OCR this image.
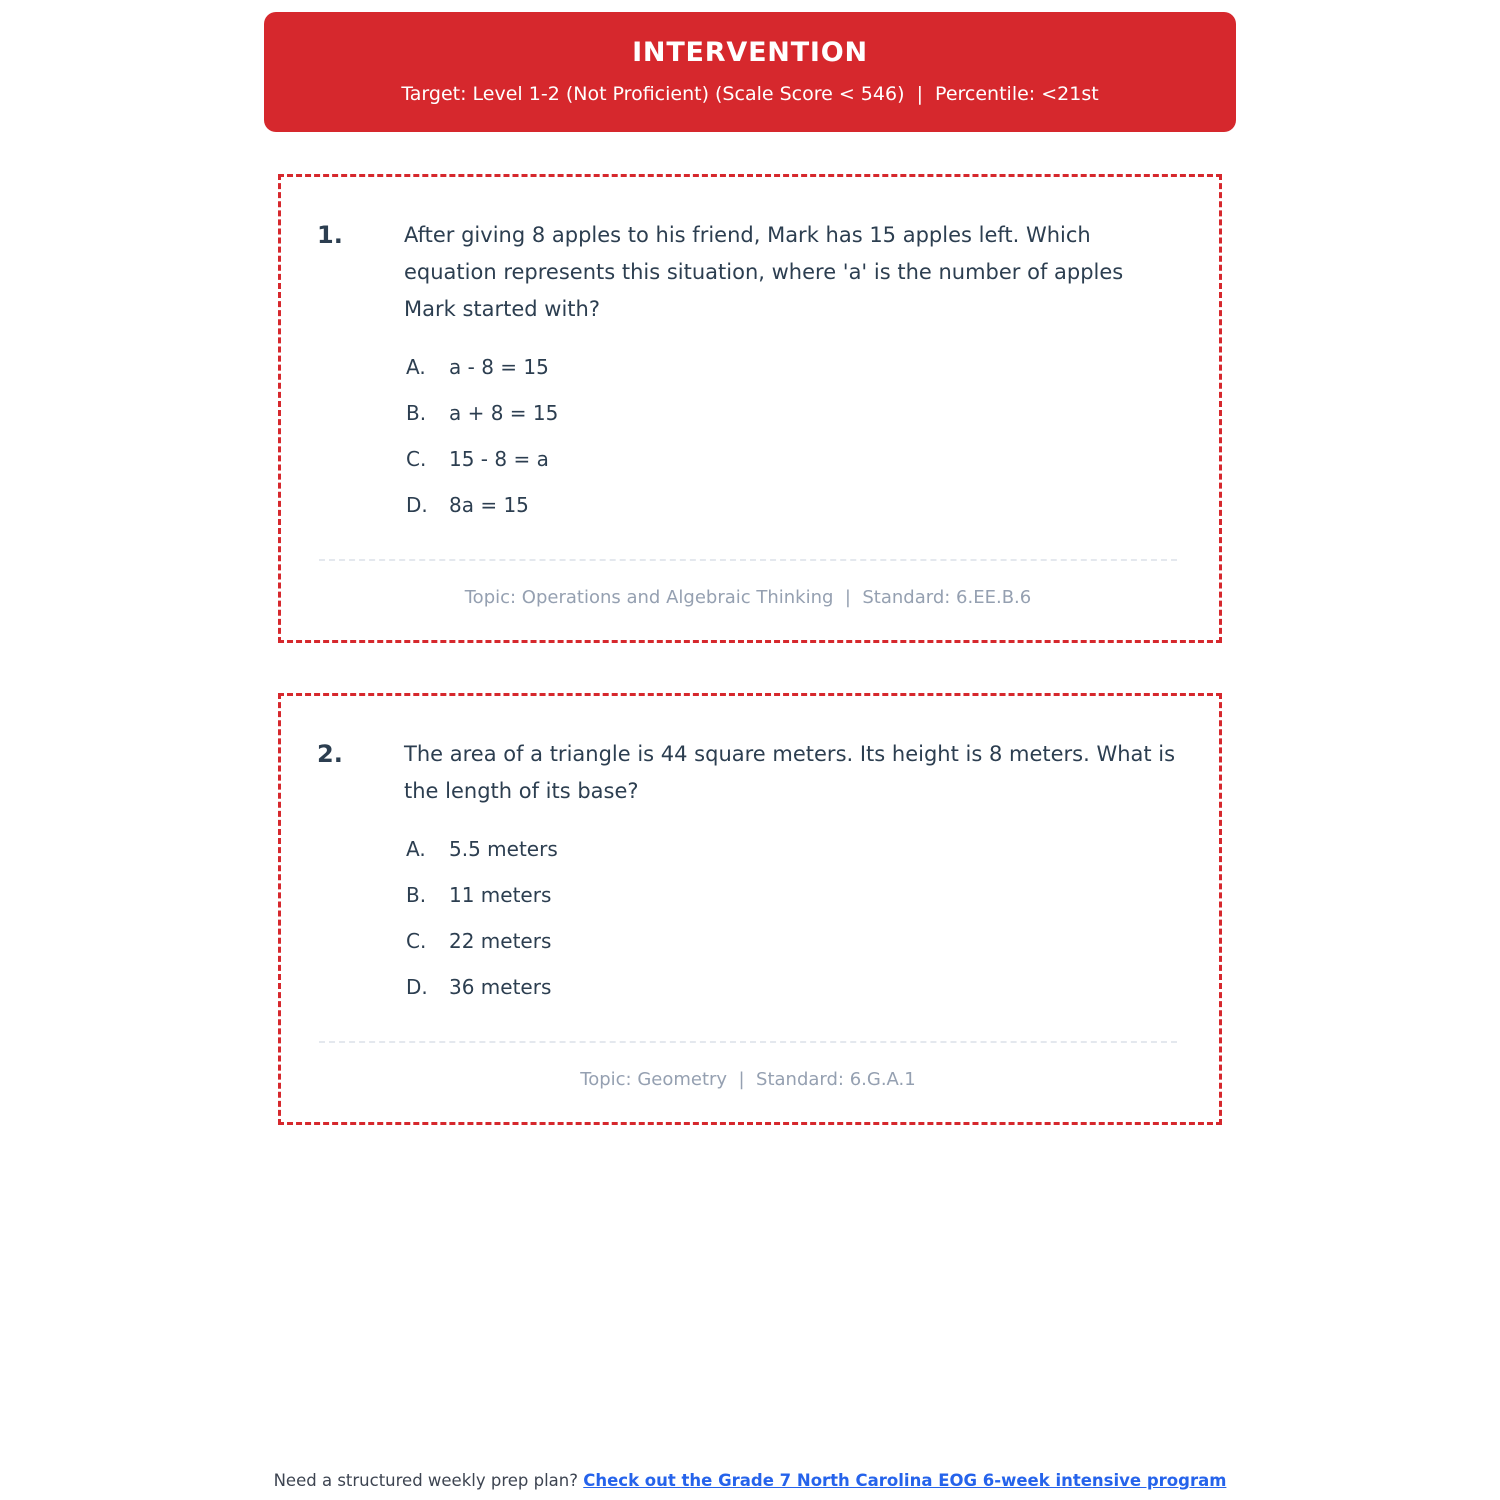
INTERVENTION
Target: Level 1-2 (Not Proficient) (Scale Score < 546)  |  Percentile: <21st
1.	After giving 8 apples to his friend, Mark has 15 apples left. Which equation represents this situation, where 'a' is the number of apples Mark started with?
A.	a - 8 = 15
B.	a + 8 = 15
C.	15 - 8 = a
D.	8a = 15
Topic: Operations and Algebraic Thinking  |  Standard: 6.EE.B.6
2.	The area of a triangle is 44 square meters. Its height is 8 meters. What is the length of its base?
A.	5.5 meters
B.	11 meters
C.	22 meters
D.	36 meters
Topic: Geometry  |  Standard: 6.G.A.1
Need a structured weekly prep plan? Check out the Grade 7 North Carolina EOG 6-week intensive program
